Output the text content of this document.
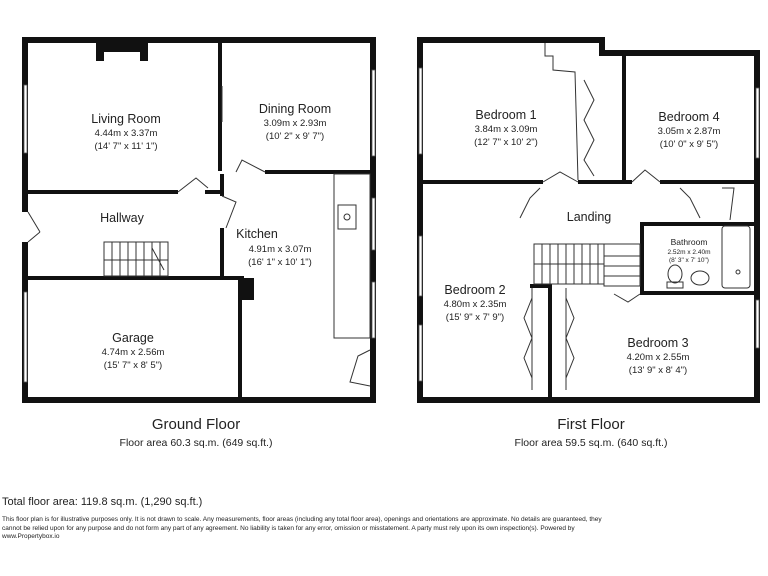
Living Room
4.44m x 3.37m
(14' 7" x 11' 1")
Dining Room
3.09m x 2.93m
(10' 2" x 9' 7")
Hallway
Kitchen
4.91m x 3.07m
(16' 1" x 10' 1")
Garage
4.74m x 2.56m
(15' 7" x 8' 5")
Bedroom 1
3.84m x 3.09m
(12' 7" x 10' 2")
Bedroom 4
3.05m x 2.87m
(10' 0" x 9' 5")
Landing
Bathroom
2.52m x 2.40m
(8' 3" x 7' 10")
Bedroom 2
4.80m x 2.35m
(15' 9" x 7' 9")
Bedroom 3
4.20m x 2.55m
(13' 9" x 8' 4")
Ground Floor
Floor area 60.3 sq.m. (649 sq.ft.)
First Floor
Floor area 59.5 sq.m. (640 sq.ft.)
Total floor area: 119.8 sq.m. (1,290 sq.ft.)
This floor plan is for illustrative purposes only. It is not drawn to scale. Any measurements, floor areas (including any total floor area), openings and orientations are approximate. No details are guaranteed, they cannot be relied upon for any purpose and do not form any part of any agreement. No liability is taken for any error, omission or misstatement. A party must rely upon its own inspection(s). Powered by www.Propertybox.io
